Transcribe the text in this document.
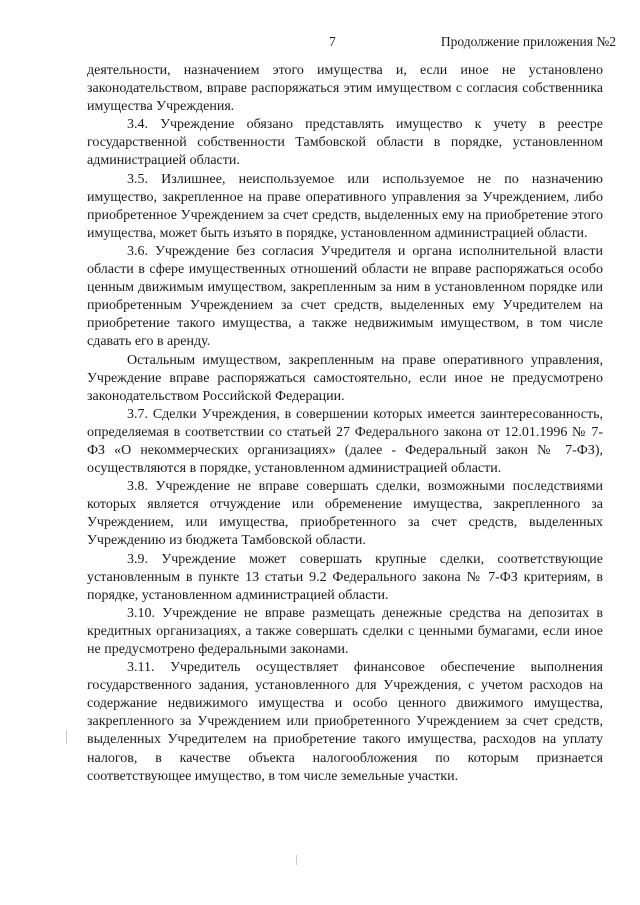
7	Продолжение приложения №2

деятельности, назначением этого имущества и, если иное не установлено законодательством, вправе распоряжаться этим имуществом с согласия собственника имущества Учреждения.

3.4. Учреждение обязано представлять имущество к учету в реестре государственной собственности Тамбовской области в порядке, установленном администрацией области.

3.5. Излишнее, неиспользуемое или используемое не по назначению имущество, закрепленное на праве оперативного управления за Учреждением, либо приобретенное Учреждением за счет средств, выделенных ему на приобретение этого имущества, может быть изъято в порядке, установленном администрацией области.

3.6. Учреждение без согласия Учредителя и органа исполнительной власти области в сфере имущественных отношений области не вправе распоряжаться особо ценным движимым имуществом, закрепленным за ним в установленном порядке или приобретенным Учреждением за счет средств, выделенных ему Учредителем на приобретение такого имущества, а также недвижимым имуществом, в том числе сдавать его в аренду.

Остальным имуществом, закрепленным на праве оперативного управления, Учреждение вправе распоряжаться самостоятельно, если иное не предусмотрено законодательством Российской Федерации.

3.7. Сделки Учреждения, в совершении которых имеется заинтересованность, определяемая в соответствии со статьей 27 Федерального закона от 12.01.1996 № 7-ФЗ «О некоммерческих организациях» (далее - Федеральный закон № 7-ФЗ), осуществляются в порядке, установленном администрацией области.

3.8. Учреждение не вправе совершать сделки, возможными последствиями которых является отчуждение или обременение имущества, закрепленного за Учреждением, или имущества, приобретенного за счет средств, выделенных Учреждению из бюджета Тамбовской области.

3.9. Учреждение может совершать крупные сделки, соответствующие установленным в пункте 13 статьи 9.2 Федерального закона № 7-ФЗ критериям, в порядке, установленном администрацией области.

3.10. Учреждение не вправе размещать денежные средства на депозитах в кредитных организациях, а также совершать сделки с ценными бумагами, если иное не предусмотрено федеральными законами.

3.11. Учредитель осуществляет финансовое обеспечение выполнения государственного задания, установленного для Учреждения, с учетом расходов на содержание недвижимого имущества и особо ценного движимого имущества, закрепленного за Учреждением или приобретенного Учреждением за счет средств, выделенных Учредителем на приобретение такого имущества, расходов на уплату налогов, в качестве объекта налогообложения по которым признается соответствующее имущество, в том числе земельные участки.
